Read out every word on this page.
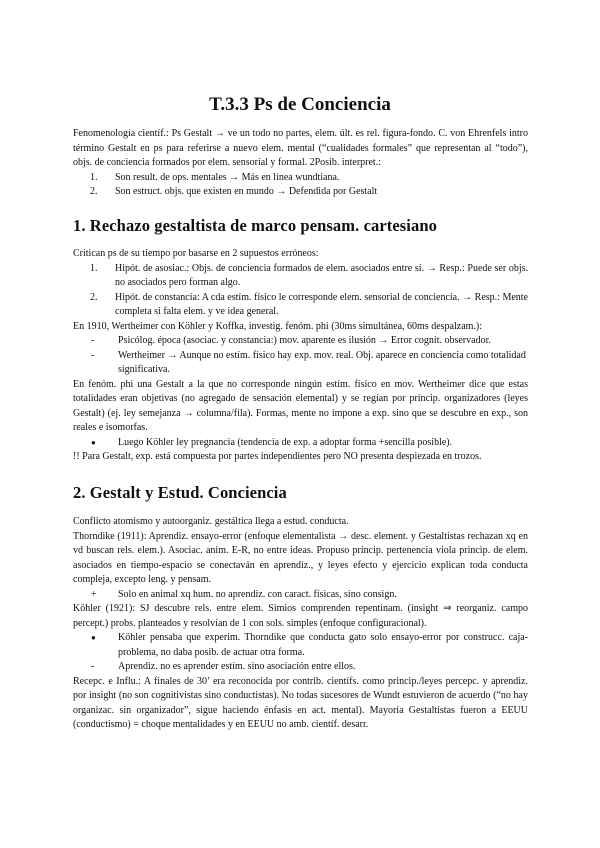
T.3.3 Ps de Conciencia

Fenomenología científ.: Ps Gestalt → ve un todo no partes, elem. últ. es rel. figura-fondo. C. von Ehrenfels intro término Gestalt en ps para referirse a nuevo elem. mental (“cualidades formales” que representan al “todo”), objs. de conciencia formados por elem. sensorial y formal. 2Posib. interpret.:

1. Son result. de ops. mentales → Más en línea wundtiana.
2. Son estruct. objs. que existen en mundo → Defendida por Gestalt
1. Rechazo gestaltista de marco pensam. cartesiano

Critican ps de su tiempo por basarse en 2 supuestos erróneos:

1. Hipót. de asosiac.: Objs. de conciencia formados de elem. asociados entre sí. → Resp.: Puede ser objs. no asociados pero forman algo.
2. Hipót. de constancia: A cda estím. físico le corresponde elem. sensorial de conciencia. → Resp.: Mente completa si falta elem. y ve idea general.

En 1910, Wertheimer con Köhler y Koffka, investig. fenóm. phi (30ms simultánea, 60ms despalzam.):

- Psicólog. época (asociac. y constancia:) mov. aparente es ilusión → Error cognit. observador.
- Wertheimer → Aunque no estím. físico hay exp. mov. real. Obj. aparece en conciencia como totalidad significativa.

En fenóm. phi una Gestalt a la que no corresponde ningún estím. físico en mov. Wertheimer dice que estas totalidades eran objetivas (no agregado de sensación elemental) y se regían por princip. organizadores (leyes Gestalt) (ej. ley semejanza → columna/fila). Formas, mente no impone a exp. sino que se descubre en exp., son reales e isomorfas.

● Luego Köhler ley pregnancia (tendencia de exp. a adoptar forma +sencilla posible).

!! Para Gestalt, exp. está compuesta por partes independientes pero NO presenta despiezada en trozos.

2. Gestalt y Estud. Conciencia

Conflicto atomismo y autoorganiz. gestáltica llega a estud. conducta.

Thorndike (1911): Aprendiz. ensayo-error (enfoque elementalista → desc. element. y Gestaltistas rechazan xq en vd buscan rels. elem.). Asociac. anim. E-R, no entre ideas. Propuso princip. pertenencia viola princip. de elem. asociados en tiempo-espacio se conectaván en aprendiz., y leyes efecto y ejercicio explican toda conducta compleja, excepto leng. y pensam.

+ Solo en animal xq hum. no aprendiz. con caract. físicas, sino consign.

Köhler (1921): SJ descubre rels. entre elem. Simios comprenden repentinam. (insight ⇒ reorganiz. campo percept.) probs. planteados y resolvían de 1 con sols. simples (enfoque configuracional).

● Köhler pensaba que experim. Thorndike que conducta gato solo ensayo-error por construcc. caja-problema, no daba posib. de actuar otra forma.
- Aprendiz. no es aprender estím. sino asociación entre ellos.

Recepc. e Influ.: A finales de 30’ era reconocida por contrib. científs. como princip./leyes percepc. y aprendiz. por insight (no son cognitivistas sino conductistas). No todas sucesores de Wundt estuvieron de acuerdo (“no hay organizac. sin organizador”, sigue haciendo énfasis en act. mental). Mayoría Gestaltistas fueron a EEUU (conductismo) = choque mentalidades y en EEUU no amb. científ. desarr.
